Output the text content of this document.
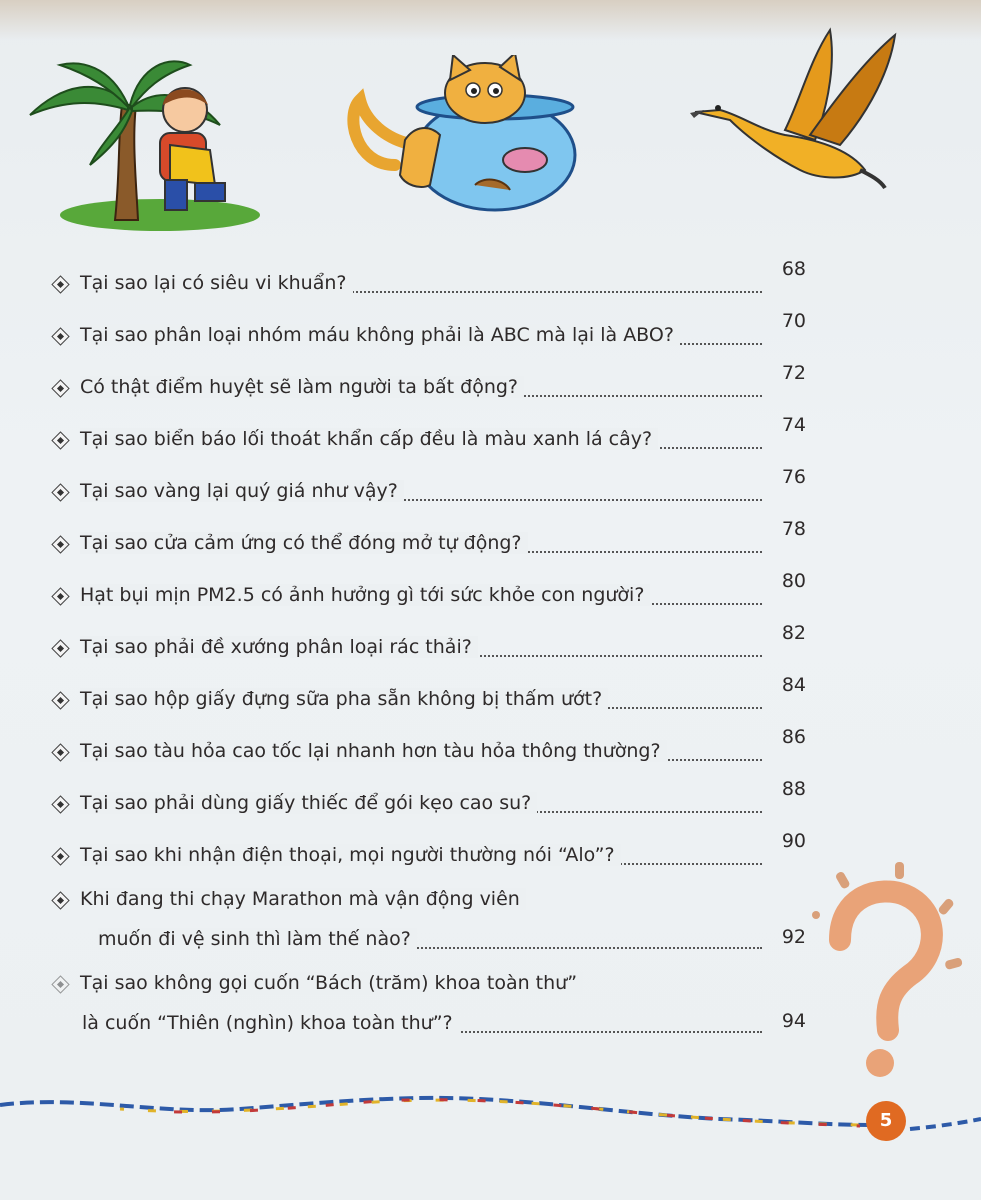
Tại sao lại có siêu vi khuẩn?
68
Tại sao phân loại nhóm máu không phải là ABC mà lại là ABO?
70
Có thật điểm huyệt sẽ làm người ta bất động?
72
Tại sao biển báo lối thoát khẩn cấp đều là màu xanh lá cây?
74
Tại sao vàng lại quý giá như vậy?
76
Tại sao cửa cảm ứng có thể đóng mở tự động?
78
Hạt bụi mịn PM2.5 có ảnh hưởng gì tới sức khỏe con người?
80
Tại sao phải đề xướng phân loại rác thải?
82
Tại sao hộp giấy đựng sữa pha sẵn không bị thấm ướt?
84
Tại sao tàu hỏa cao tốc lại nhanh hơn tàu hỏa thông thường?
86
Tại sao phải dùng giấy thiếc để gói kẹo cao su?
88
Tại sao khi nhận điện thoại, mọi người thường nói “Alo”?
90
Khi đang thi chạy Marathon mà vận động viên
muốn đi vệ sinh thì làm thế nào?	92
Tại sao không gọi cuốn “Bách (trăm) khoa toàn thư”
là cuốn “Thiên (nghìn) khoa toàn thư”?	94
5
